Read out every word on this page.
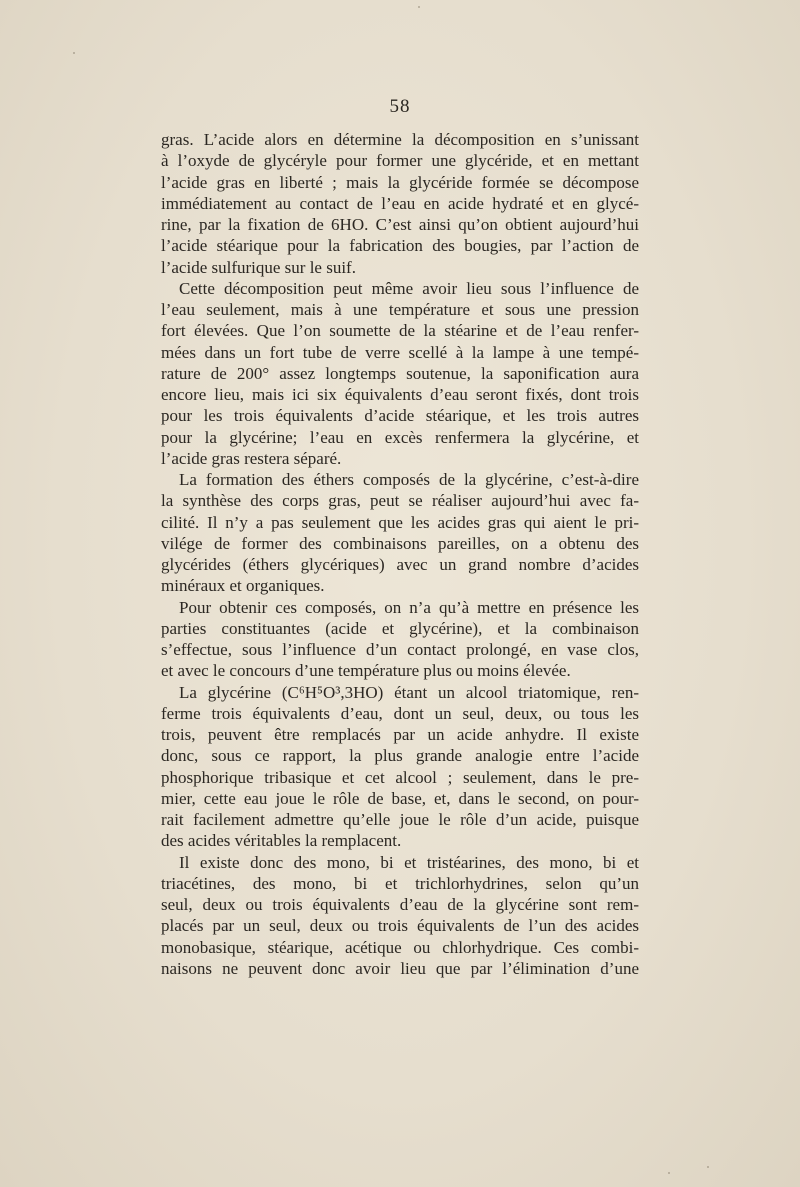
58
gras. L’acide alors en détermine la décomposition en s’unissant
à l’oxyde de glycéryle pour former une glycéride, et en mettant
l’acide gras en liberté ; mais la glycéride formée se décompose
immédiatement au contact de l’eau en acide hydraté et en glycé-
rine, par la fixation de 6HO. C’est ainsi qu’on obtient aujourd’hui
l’acide stéarique pour la fabrication des bougies, par l’action de
l’acide sulfurique sur le suif.
Cette décomposition peut même avoir lieu sous l’influence de
l’eau seulement, mais à une température et sous une pression
fort élevées. Que l’on soumette de la stéarine et de l’eau renfer-
mées dans un fort tube de verre scellé à la lampe à une tempé-
rature de 200° assez longtemps soutenue, la saponification aura
encore lieu, mais ici six équivalents d’eau seront fixés, dont trois
pour les trois équivalents d’acide stéarique, et les trois autres
pour la glycérine; l’eau en excès renfermera la glycérine, et
l’acide gras restera séparé.
La formation des éthers composés de la glycérine, c’est-à-dire
la synthèse des corps gras, peut se réaliser aujourd’hui avec fa-
cilité. Il n’y a pas seulement que les acides gras qui aient le pri-
vilége de former des combinaisons pareilles, on a obtenu des
glycérides (éthers glycériques) avec un grand nombre d’acides
minéraux et organiques.
Pour obtenir ces composés, on n’a qu’à mettre en présence les
parties constituantes (acide et glycérine), et la combinaison
s’effectue, sous l’influence d’un contact prolongé, en vase clos,
et avec le concours d’une température plus ou moins élevée.
La glycérine (C⁶H⁵O³,3HO) étant un alcool triatomique, ren-
ferme trois équivalents d’eau, dont un seul, deux, ou tous les
trois, peuvent être remplacés par un acide anhydre. Il existe
donc, sous ce rapport, la plus grande analogie entre l’acide
phosphorique tribasique et cet alcool ; seulement, dans le pre-
mier, cette eau joue le rôle de base, et, dans le second, on pour-
rait facilement admettre qu’elle joue le rôle d’un acide, puisque
des acides véritables la remplacent.
Il existe donc des mono, bi et tristéarines, des mono, bi et
triacétines, des mono, bi et trichlorhydrines, selon qu’un
seul, deux ou trois équivalents d’eau de la glycérine sont rem-
placés par un seul, deux ou trois équivalents de l’un des acides
monobasique, stéarique, acétique ou chlorhydrique. Ces combi-
naisons ne peuvent donc avoir lieu que par l’élimination d’une
